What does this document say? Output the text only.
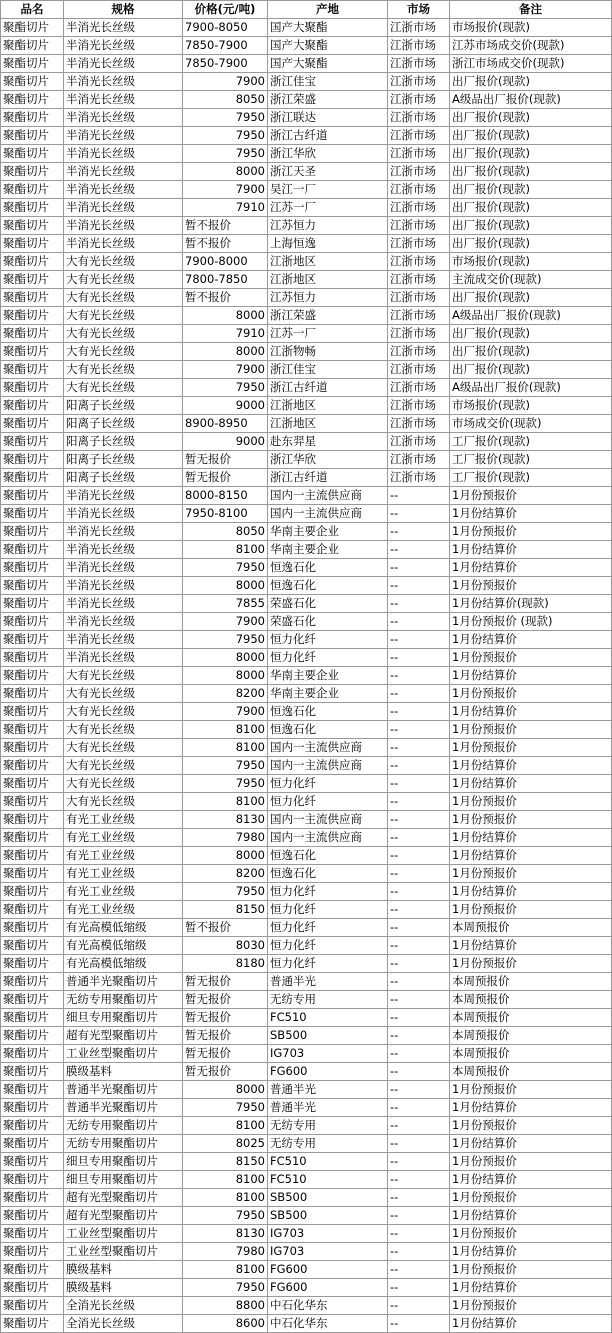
品名	规格	价格(元/吨)	产地	市场	备注
聚酯切片	半消光长丝级	7900-8050	国产大聚酯	江浙市场	市场报价(现款)
聚酯切片	半消光长丝级	7850-7900	国产大聚酯	江浙市场	江苏市场成交价(现款)
聚酯切片	半消光长丝级	7850-7900	国产大聚酯	江浙市场	浙江市场成交价(现款)
聚酯切片	半消光长丝级	7900	浙江佳宝	江浙市场	出厂报价(现款)
聚酯切片	半消光长丝级	8050	浙江荣盛	江浙市场	A级品出厂报价(现款)
聚酯切片	半消光长丝级	7950	浙江联达	江浙市场	出厂报价(现款)
聚酯切片	半消光长丝级	7950	浙江古纤道	江浙市场	出厂报价(现款)
聚酯切片	半消光长丝级	7950	浙江华欣	江浙市场	出厂报价(现款)
聚酯切片	半消光长丝级	8000	浙江天圣	江浙市场	出厂报价(现款)
聚酯切片	半消光长丝级	7900	吴江一厂	江浙市场	出厂报价(现款)
聚酯切片	半消光长丝级	7910	江苏一厂	江浙市场	出厂报价(现款)
聚酯切片	半消光长丝级	暂不报价	江苏恒力	江浙市场	出厂报价(现款)
聚酯切片	半消光长丝级	暂不报价	上海恒逸	江浙市场	出厂报价(现款)
聚酯切片	大有光长丝级	7900-8000	江浙地区	江浙市场	市场报价(现款)
聚酯切片	大有光长丝级	7800-7850	江浙地区	江浙市场	主流成交价(现款)
聚酯切片	大有光长丝级	暂不报价	江苏恒力	江浙市场	出厂报价(现款)
聚酯切片	大有光长丝级	8000	浙江荣盛	江浙市场	A级品出厂报价(现款)
聚酯切片	大有光长丝级	7910	江苏一厂	江浙市场	出厂报价(现款)
聚酯切片	大有光长丝级	8000	江浙物畅	江浙市场	出厂报价(现款)
聚酯切片	大有光长丝级	7900	浙江佳宝	江浙市场	出厂报价(现款)
聚酯切片	大有光长丝级	7950	浙江古纤道	江浙市场	A级品出厂报价(现款)
聚酯切片	阳离子长丝级	9000	江浙地区	江浙市场	市场报价(现款)
聚酯切片	阳离子长丝级	8900-8950	江浙地区	江浙市场	市场成交价(现款)
聚酯切片	阳离子长丝级	9000	赴东羿星	江浙市场	工厂报价(现款)
聚酯切片	阳离子长丝级	暂无报价	浙江华欣	江浙市场	工厂报价(现款)
聚酯切片	阳离子长丝级	暂无报价	浙江古纤道	江浙市场	工厂报价(现款)
聚酯切片	半消光长丝级	8000-8150	国内一主流供应商	--	1月份预报价
聚酯切片	半消光长丝级	7950-8100	国内一主流供应商	--	1月份结算价
聚酯切片	半消光长丝级	8050	华南主要企业	--	1月份预报价
聚酯切片	半消光长丝级	8100	华南主要企业	--	1月份结算价
聚酯切片	半消光长丝级	7950	恒逸石化	--	1月份结算价
聚酯切片	半消光长丝级	8000	恒逸石化	--	1月份预报价
聚酯切片	半消光长丝级	7855	荣盛石化	--	1月份结算价(现款)
聚酯切片	半消光长丝级	7900	荣盛石化	--	1月份预报价 (现款)
聚酯切片	半消光长丝级	7950	恒力化纤	--	1月份结算价
聚酯切片	半消光长丝级	8000	恒力化纤	--	1月份预报价
聚酯切片	大有光长丝级	8000	华南主要企业	--	1月份结算价
聚酯切片	大有光长丝级	8200	华南主要企业	--	1月份预报价
聚酯切片	大有光长丝级	7900	恒逸石化	--	1月份结算价
聚酯切片	大有光长丝级	8100	恒逸石化	--	1月份预报价
聚酯切片	大有光长丝级	8100	国内一主流供应商	--	1月份预报价
聚酯切片	大有光长丝级	7950	国内一主流供应商	--	1月份结算价
聚酯切片	大有光长丝级	7950	恒力化纤	--	1月份结算价
聚酯切片	大有光长丝级	8100	恒力化纤	--	1月份预报价
聚酯切片	有光工业丝级	8130	国内一主流供应商	--	1月份预报价
聚酯切片	有光工业丝级	7980	国内一主流供应商	--	1月份结算价
聚酯切片	有光工业丝级	8000	恒逸石化	--	1月份结算价
聚酯切片	有光工业丝级	8200	恒逸石化	--	1月份预报价
聚酯切片	有光工业丝级	7950	恒力化纤	--	1月份结算价
聚酯切片	有光工业丝级	8150	恒力化纤	--	1月份预报价
聚酯切片	有光高模低缩级	暂不报价	恒力化纤	--	本周预报价
聚酯切片	有光高模低缩级	8030	恒力化纤	--	1月份结算价
聚酯切片	有光高模低缩级	8180	恒力化纤	--	1月份预报价
聚酯切片	普通半光聚酯切片	暂无报价	普通半光	--	本周预报价
聚酯切片	无纺专用聚酯切片	暂无报价	无纺专用	--	本周预报价
聚酯切片	细旦专用聚酯切片	暂无报价	FC510	--	本周预报价
聚酯切片	超有光型聚酯切片	暂无报价	SB500	--	本周预报价
聚酯切片	工业丝型聚酯切片	暂无报价	IG703	--	本周预报价
聚酯切片	膜级基料	暂无报价	FG600	--	本周预报价
聚酯切片	普通半光聚酯切片	8000	普通半光	--	1月份预报价
聚酯切片	普通半光聚酯切片	7950	普通半光	--	1月份结算价
聚酯切片	无纺专用聚酯切片	8100	无纺专用	--	1月份预报价
聚酯切片	无纺专用聚酯切片	8025	无纺专用	--	1月份结算价
聚酯切片	细旦专用聚酯切片	8150	FC510	--	1月份预报价
聚酯切片	细旦专用聚酯切片	8100	FC510	--	1月份结算价
聚酯切片	超有光型聚酯切片	8100	SB500	--	1月份预报价
聚酯切片	超有光型聚酯切片	7950	SB500	--	1月份结算价
聚酯切片	工业丝型聚酯切片	8130	IG703	--	1月份预报价
聚酯切片	工业丝型聚酯切片	7980	IG703	--	1月份结算价
聚酯切片	膜级基料	8100	FG600	--	1月份预报价
聚酯切片	膜级基料	7950	FG600	--	1月份结算价
聚酯切片	全消光长丝级	8800	中石化华东	--	1月份预报价
聚酯切片	全消光长丝级	8600	中石化华东	--	1月份结算价
